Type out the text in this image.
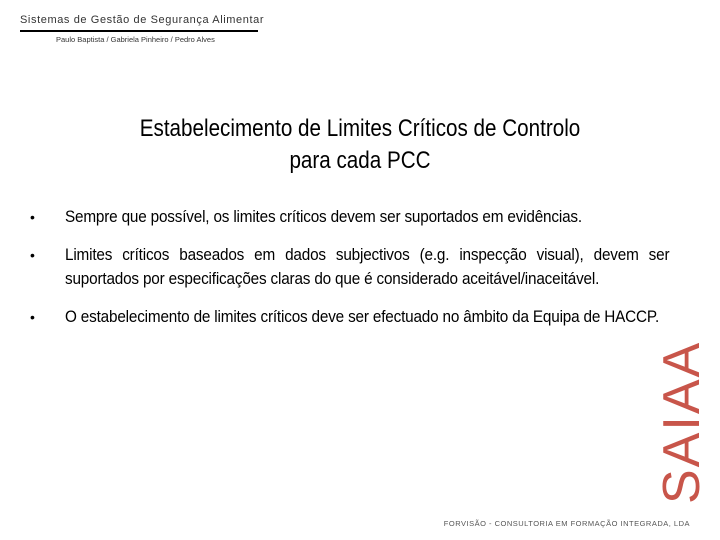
Sistemas de Gestão de Segurança Alimentar
Paulo Baptista / Gabriela Pinheiro / Pedro Alves
Estabelecimento de Limites Críticos de Controlo
para cada PCC
• Sempre que possível, os limites críticos devem ser suportados em evidências.
• Limites críticos baseados em dados subjectivos (e.g. inspecção visual), devem ser suportados por especificações claras do que é considerado aceitável/inaceitável.
• O estabelecimento de limites críticos deve ser efectuado no âmbito da Equipa de HACCP.
SAIAA
FORVISÃO - CONSULTORIA EM FORMAÇÃO INTEGRADA, LDA
